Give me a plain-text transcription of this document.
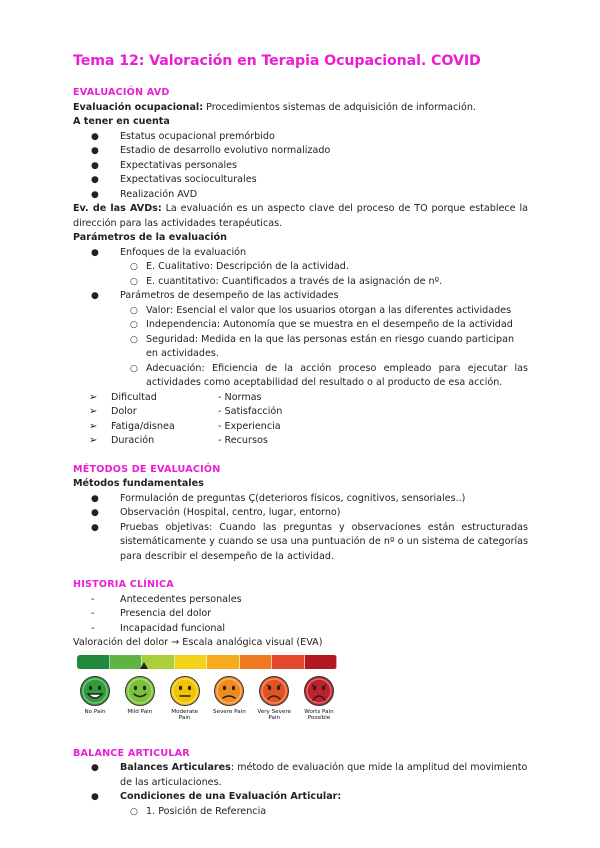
Tema 12: Valoración en Terapia Ocupacional. COVID
EVALUACIÓN AVD

Evaluación ocupacional: Procedimientos sistemas de adquisición de información.

A tener en cuenta

● Estatus ocupacional premórbido
● Estadio de desarrollo evolutivo normalizado
● Expectativas personales
● Expectativas socioculturales
● Realización AVD

Ev. de las AVDs: La evaluación es un aspecto clave del proceso de TO porque establece la dirección para las actividades terapéuticas.

Parámetros de la evaluación

● Enfoques de la evaluación
○ E. Cualitativo: Descripción de la actividad.
○ E. cuantitativo: Cuantificados a través de la asignación de nº.
● Parámetros de desempeño de las actividades
○ Valor: Esencial el valor que los usuarios otorgan a las diferentes actividades
○ Independencia: Autonomía que se muestra en el desempeño de la actividad
○ Seguridad: Medida en la que las personas están en riesgo cuando participan en actividades.
○ Adecuación: Eficiencia de la acción proceso empleado para ejecutar las actividades como aceptabilidad del resultado o al producto de esa acción.
➢ Dificultad	- Normas
➢ Dolor	- Satisfacción
➢ Fatiga/disnea	- Experiencia
➢ Duración	- Recursos
MÉTODOS DE EVALUACIÓN

Métodos fundamentales

● Formulación de preguntas Ç(deterioros físicos, cognitivos, sensoriales..)
● Observación (Hospital, centro, lugar, entorno)
● Pruebas objetivas: Cuando las preguntas y observaciones están estructuradas sistemáticamente y cuando se usa una puntuación de nº o un sistema de categorías para describir el desempeño de la actividad.
HISTORIA CLÍNICA
-	Antecedentes personales
-	Presencia del dolor
-	Incapacidad funcional

Valoración del dolor → Escala analógica visual (EVA)

No Pain	Mild Pain	Moderate Pain
Severe Pain Very Severe Pain
Worts Pain Possible
BALANCE ARTICULAR
● Balances Articulares: método de evaluación que mide la amplitud del movimiento de las articulaciones.
● Condiciones de una Evaluación Articular:
○ 1. Posición de Referencia
